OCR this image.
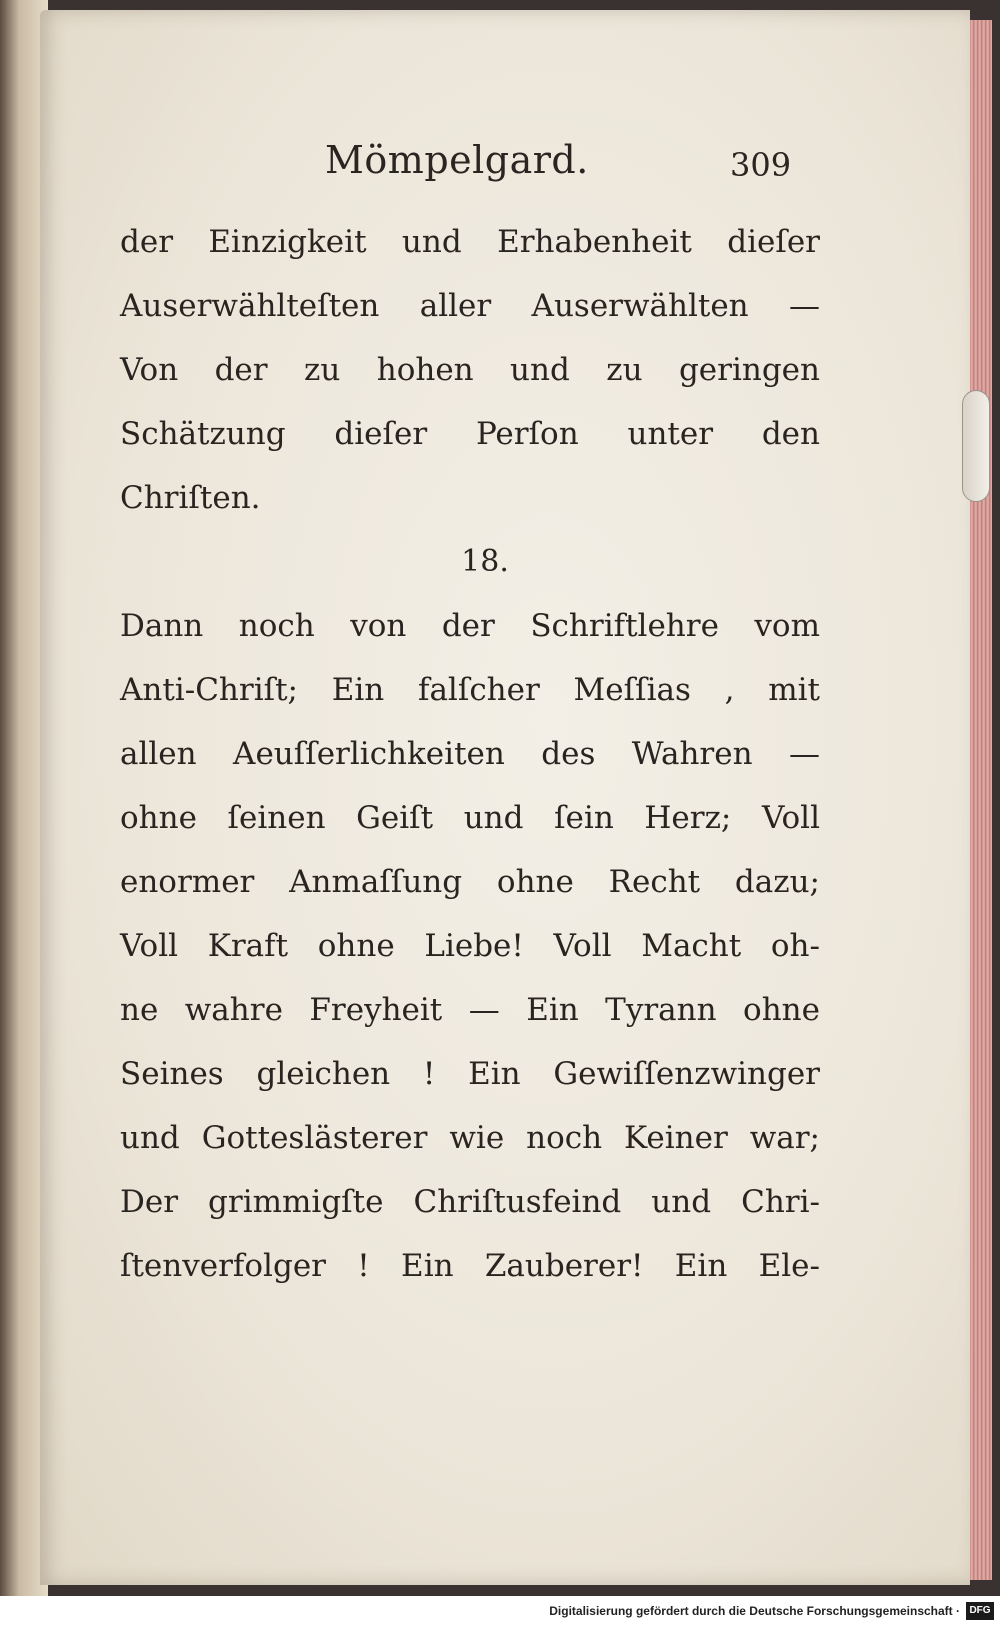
Mömpelgard.	309
der Einzigkeit und Erhabenheit dieſer
Auserwählteſten aller Auserwählten —
Von der zu hohen und zu geringen
Schätzung dieſer Perſon unter den
Chriſten.
18.
Dann noch von der Schriftlehre vom
Anti-Chriſt; Ein falſcher Meſſias , mit
allen Aeuſſerlichkeiten des Wahren —
ohne ſeinen Geiſt und ſein Herz; Voll
enormer Anmaſſung ohne Recht dazu;
Voll Kraft ohne Liebe! Voll Macht oh-
ne wahre Freyheit — Ein Tyrann ohne
Seines gleichen ! Ein Gewiſſenzwinger
und Gotteslästerer wie noch Keiner war;
Der grimmigſte Chriſtusfeind und Chri-
ſtenverfolger ! Ein Zauberer! Ein Ele-
Digitalisierung gefördert durch die Deutsche Forschungsgemeinschaft · DFG
